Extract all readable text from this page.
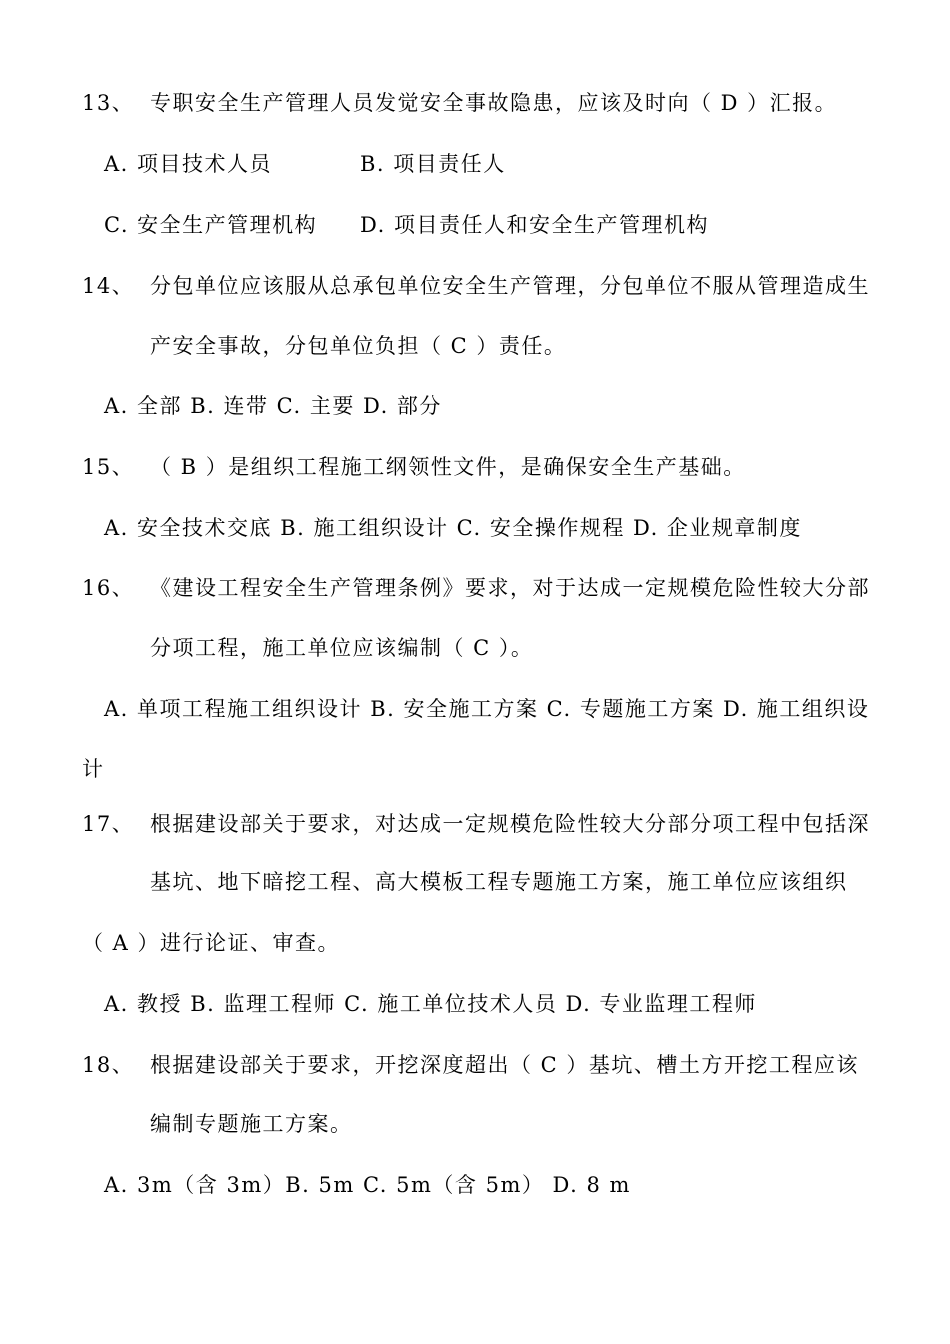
13、 专职安全生产管理人员发觉安全事故隐患，应该及时向（ D ）汇报。
A. 项目技术人员	B. 项目责任人
C. 安全生产管理机构 D. 项目责任人和安全生产管理机构
14、 分包单位应该服从总承包单位安全生产管理，分包单位不服从管理造成生
产安全事故，分包单位负担（ C ）责任。
A. 全部 B. 连带 C. 主要 D. 部分
15、 （ B ）是组织工程施工纲领性文件，是确保安全生产基础。
A. 安全技术交底 B. 施工组织设计 C. 安全操作规程 D. 企业规章制度
16、 《建设工程安全生产管理条例》要求，对于达成一定规模危险性较大分部
分项工程，施工单位应该编制（ C ）。
A. 单项工程施工组织设计 B. 安全施工方案 C. 专题施工方案 D. 施工组织设
计
17、 根据建设部关于要求，对达成一定规模危险性较大分部分项工程中包括深
基坑、地下暗挖工程、高大模板工程专题施工方案，施工单位应该组织
（ A ）进行论证、审查。
A. 教授 B. 监理工程师 C. 施工单位技术人员 D. 专业监理工程师
18、 根据建设部关于要求，开挖深度超出（ C ）基坑、槽土方开挖工程应该
编制专题施工方案。
A. 3m（含 3m）B. 5m C. 5m（含 5m） D. 8 m
